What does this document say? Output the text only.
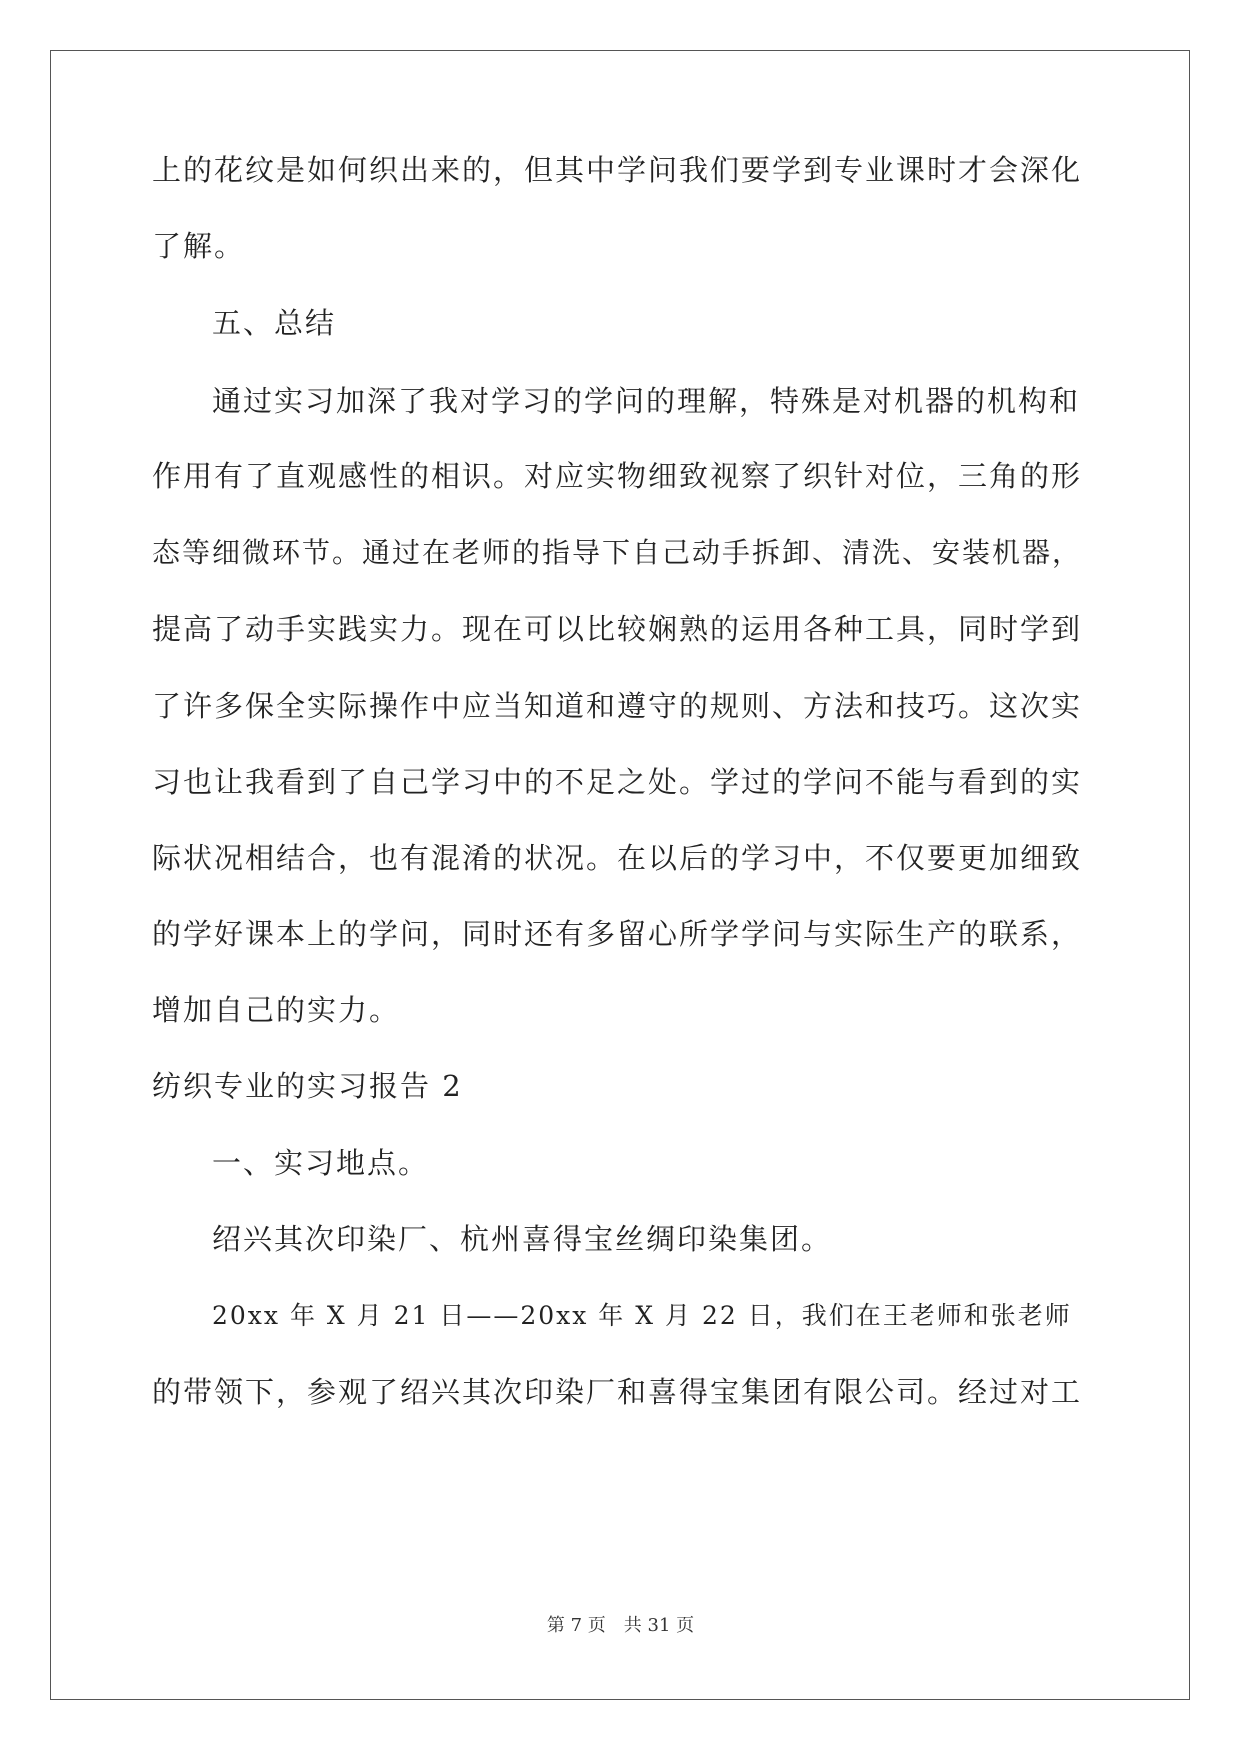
上的花纹是如何织出来的，但其中学问我们要学到专业课时才会深化
了解。
五、总结
通过实习加深了我对学习的学问的理解，特殊是对机器的机构和
作用有了直观感性的相识。对应实物细致视察了织针对位，三角的形
态等细微环节。通过在老师的指导下自己动手拆卸、清洗、安装机器，
提高了动手实践实力。现在可以比较娴熟的运用各种工具，同时学到
了许多保全实际操作中应当知道和遵守的规则、方法和技巧。这次实
习也让我看到了自己学习中的不足之处。学过的学问不能与看到的实
际状况相结合，也有混淆的状况。在以后的学习中，不仅要更加细致
的学好课本上的学问，同时还有多留心所学学问与实际生产的联系，
增加自己的实力。
纺织专业的实习报告 2
一、实习地点。
绍兴其次印染厂、杭州喜得宝丝绸印染集团。
20xx 年 X 月 21 日——20xx 年 X 月 22 日，我们在王老师和张老师
的带领下，参观了绍兴其次印染厂和喜得宝集团有限公司。经过对工
第 7 页 共 31 页
